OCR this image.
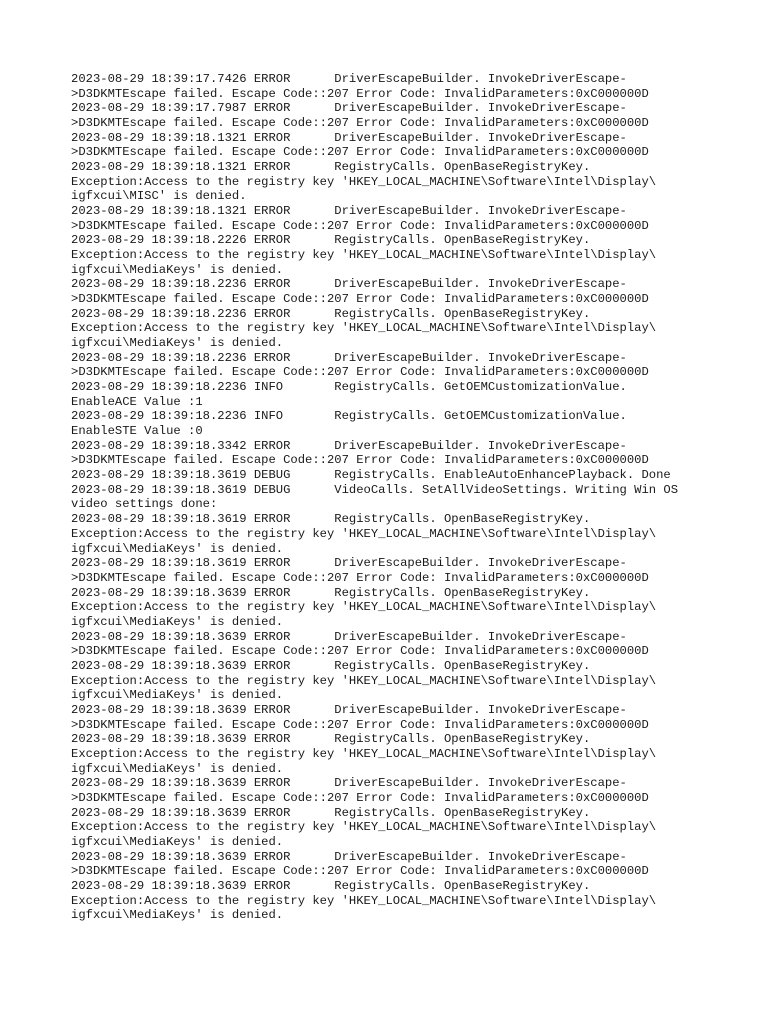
2023-08-29 18:39:17.7426 ERROR      DriverEscapeBuilder. InvokeDriverEscape-
>D3DKMTEscape failed. Escape Code::207 Error Code: InvalidParameters:0xC000000D
2023-08-29 18:39:17.7987 ERROR      DriverEscapeBuilder. InvokeDriverEscape-
>D3DKMTEscape failed. Escape Code::207 Error Code: InvalidParameters:0xC000000D
2023-08-29 18:39:18.1321 ERROR      DriverEscapeBuilder. InvokeDriverEscape-
>D3DKMTEscape failed. Escape Code::207 Error Code: InvalidParameters:0xC000000D
2023-08-29 18:39:18.1321 ERROR      RegistryCalls. OpenBaseRegistryKey.
Exception:Access to the registry key 'HKEY_LOCAL_MACHINE\Software\Intel\Display\
igfxcui\MISC' is denied.
2023-08-29 18:39:18.1321 ERROR      DriverEscapeBuilder. InvokeDriverEscape-
>D3DKMTEscape failed. Escape Code::207 Error Code: InvalidParameters:0xC000000D
2023-08-29 18:39:18.2226 ERROR      RegistryCalls. OpenBaseRegistryKey.
Exception:Access to the registry key 'HKEY_LOCAL_MACHINE\Software\Intel\Display\
igfxcui\MediaKeys' is denied.
2023-08-29 18:39:18.2236 ERROR      DriverEscapeBuilder. InvokeDriverEscape-
>D3DKMTEscape failed. Escape Code::207 Error Code: InvalidParameters:0xC000000D
2023-08-29 18:39:18.2236 ERROR      RegistryCalls. OpenBaseRegistryKey.
Exception:Access to the registry key 'HKEY_LOCAL_MACHINE\Software\Intel\Display\
igfxcui\MediaKeys' is denied.
2023-08-29 18:39:18.2236 ERROR      DriverEscapeBuilder. InvokeDriverEscape-
>D3DKMTEscape failed. Escape Code::207 Error Code: InvalidParameters:0xC000000D
2023-08-29 18:39:18.2236 INFO       RegistryCalls. GetOEMCustomizationValue.
EnableACE Value :1
2023-08-29 18:39:18.2236 INFO       RegistryCalls. GetOEMCustomizationValue.
EnableSTE Value :0
2023-08-29 18:39:18.3342 ERROR      DriverEscapeBuilder. InvokeDriverEscape-
>D3DKMTEscape failed. Escape Code::207 Error Code: InvalidParameters:0xC000000D
2023-08-29 18:39:18.3619 DEBUG      RegistryCalls. EnableAutoEnhancePlayback. Done
2023-08-29 18:39:18.3619 DEBUG      VideoCalls. SetAllVideoSettings. Writing Win OS
video settings done:
2023-08-29 18:39:18.3619 ERROR      RegistryCalls. OpenBaseRegistryKey.
Exception:Access to the registry key 'HKEY_LOCAL_MACHINE\Software\Intel\Display\
igfxcui\MediaKeys' is denied.
2023-08-29 18:39:18.3619 ERROR      DriverEscapeBuilder. InvokeDriverEscape-
>D3DKMTEscape failed. Escape Code::207 Error Code: InvalidParameters:0xC000000D
2023-08-29 18:39:18.3639 ERROR      RegistryCalls. OpenBaseRegistryKey.
Exception:Access to the registry key 'HKEY_LOCAL_MACHINE\Software\Intel\Display\
igfxcui\MediaKeys' is denied.
2023-08-29 18:39:18.3639 ERROR      DriverEscapeBuilder. InvokeDriverEscape-
>D3DKMTEscape failed. Escape Code::207 Error Code: InvalidParameters:0xC000000D
2023-08-29 18:39:18.3639 ERROR      RegistryCalls. OpenBaseRegistryKey.
Exception:Access to the registry key 'HKEY_LOCAL_MACHINE\Software\Intel\Display\
igfxcui\MediaKeys' is denied.
2023-08-29 18:39:18.3639 ERROR      DriverEscapeBuilder. InvokeDriverEscape-
>D3DKMTEscape failed. Escape Code::207 Error Code: InvalidParameters:0xC000000D
2023-08-29 18:39:18.3639 ERROR      RegistryCalls. OpenBaseRegistryKey.
Exception:Access to the registry key 'HKEY_LOCAL_MACHINE\Software\Intel\Display\
igfxcui\MediaKeys' is denied.
2023-08-29 18:39:18.3639 ERROR      DriverEscapeBuilder. InvokeDriverEscape-
>D3DKMTEscape failed. Escape Code::207 Error Code: InvalidParameters:0xC000000D
2023-08-29 18:39:18.3639 ERROR      RegistryCalls. OpenBaseRegistryKey.
Exception:Access to the registry key 'HKEY_LOCAL_MACHINE\Software\Intel\Display\
igfxcui\MediaKeys' is denied.
2023-08-29 18:39:18.3639 ERROR      DriverEscapeBuilder. InvokeDriverEscape-
>D3DKMTEscape failed. Escape Code::207 Error Code: InvalidParameters:0xC000000D
2023-08-29 18:39:18.3639 ERROR      RegistryCalls. OpenBaseRegistryKey.
Exception:Access to the registry key 'HKEY_LOCAL_MACHINE\Software\Intel\Display\
igfxcui\MediaKeys' is denied.
